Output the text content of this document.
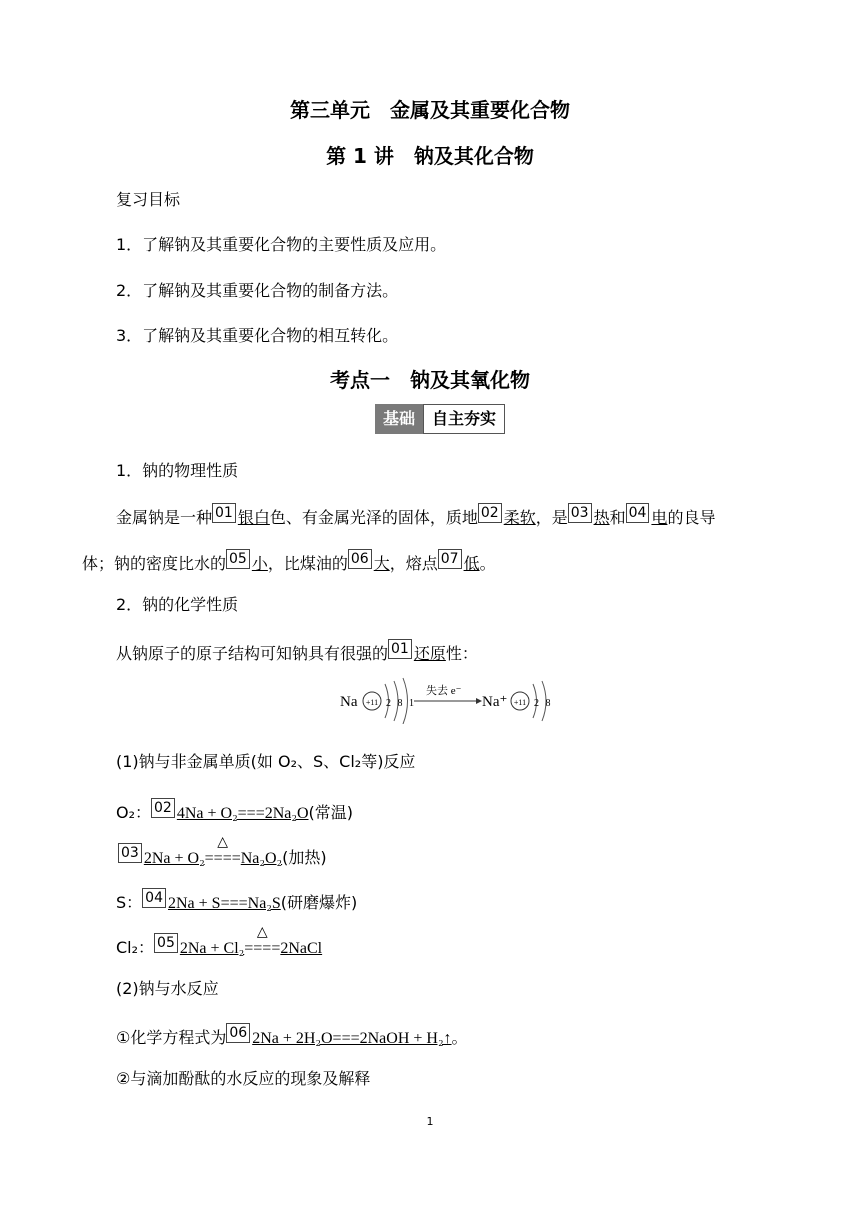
第三单元　金属及其重要化合物
第 1 讲　钠及其化合物
复习目标
1．了解钠及其重要化合物的主要性质及应用。
2．了解钠及其重要化合物的制备方法。
3．了解钠及其重要化合物的相互转化。
考点一　钠及其氧化物
基础	自主夯实
1．钠的物理性质
金属钠是一种 01 银白色、有金属光泽的固体，质地 02 柔软，是 03 热和 04 电的良导
体；钠的密度比水的 05 小，比煤油的 06 大，熔点 07 低。
2．钠的化学性质
从钠原子的原子结构可知钠具有很强的 01 还原性：
Na +11 2 8 1
失去 e⁻
Na⁺ +11 2 8
(1)钠与非金属单质(如 O₂、S、Cl₂等)反应
O₂： 02 4Na + O₂===2Na₂O(常温)
03 2Na + O₂
△
====Na₂O₂(加热)
S： 04 2Na + S===Na₂S(研磨爆炸)
Cl₂： 05 2Na + Cl₂
△
====2NaCl
(2)钠与水反应
①化学方程式为 06 2Na + 2H₂O===2NaOH + H₂↑。
②与滴加酚酞的水反应的现象及解释
1
